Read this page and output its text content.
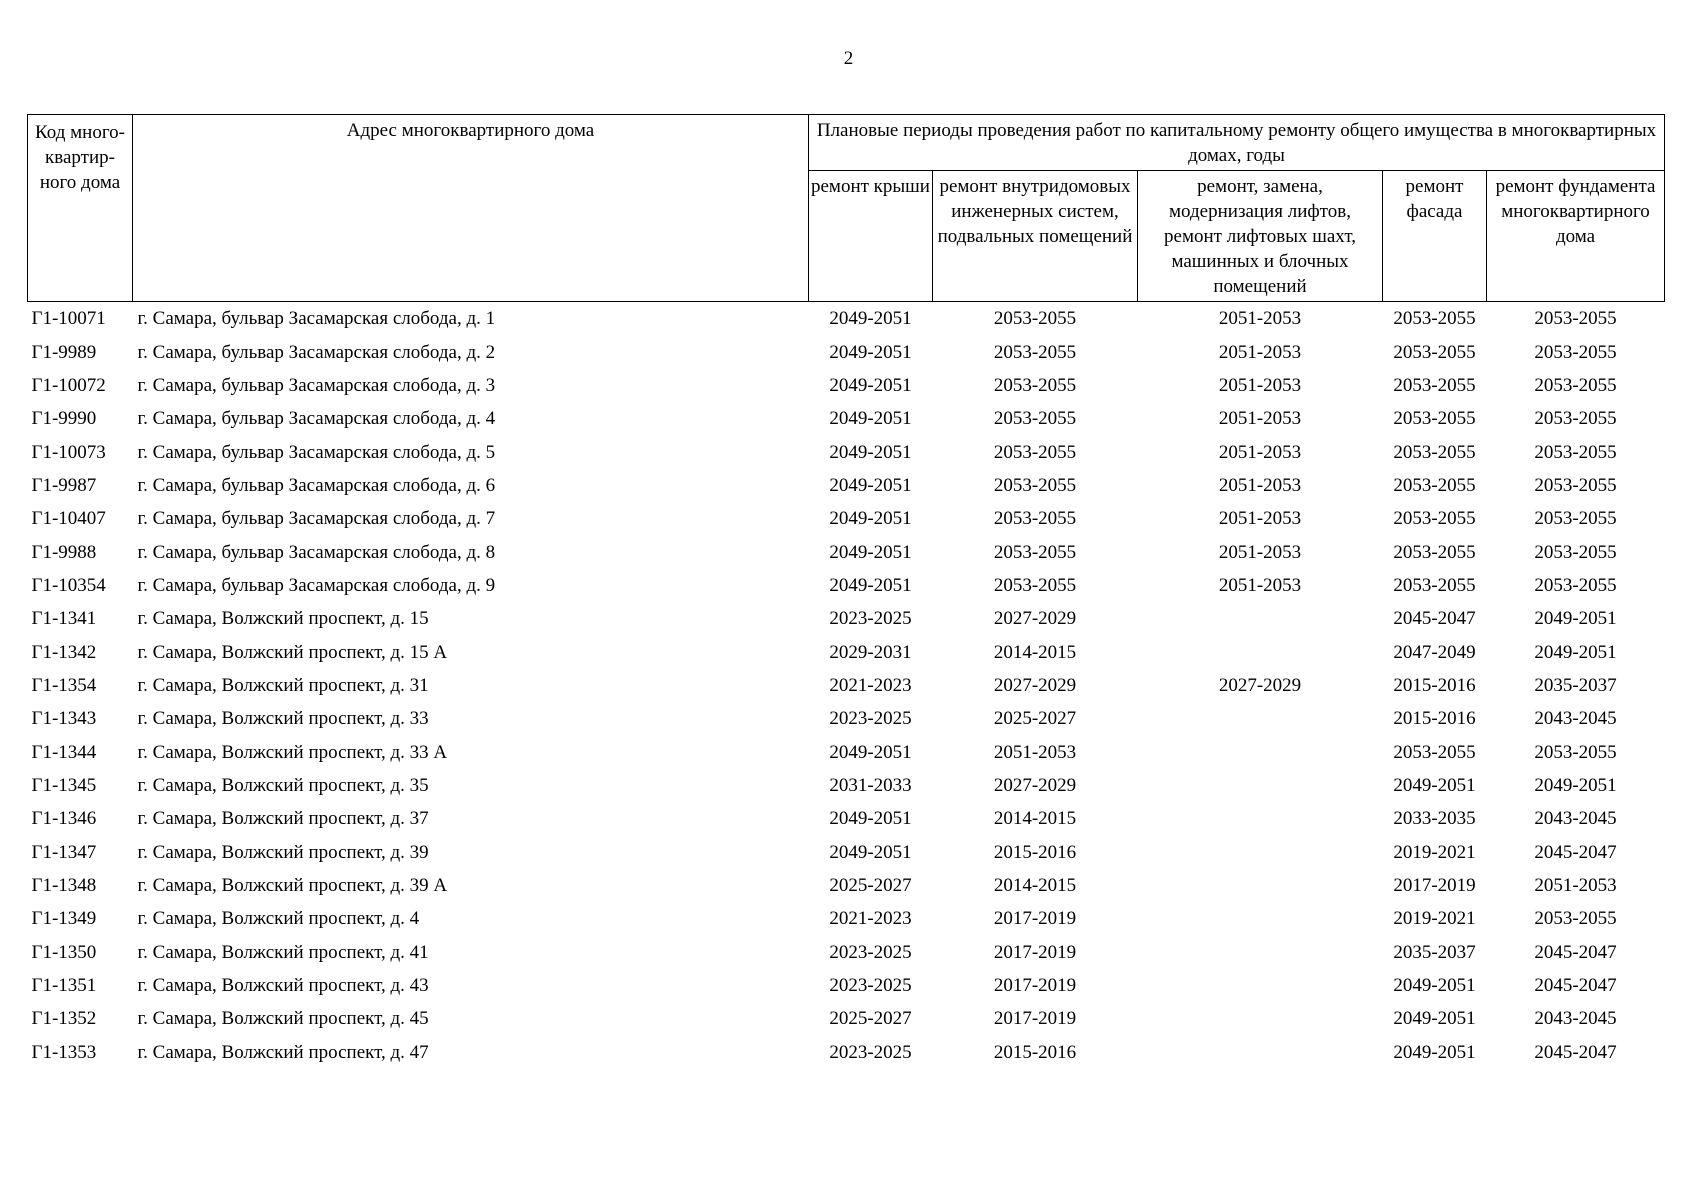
2
Код много-квартир-ного дома	Адрес многоквартирного дома	Плановые периоды проведения работ по капитальному ремонту общего имущества в многоквартирных домах, годы				
		ремонт крыши	ремонт внутридомовых инженерных систем, подвальных помещений	ремонт, замена, модернизация лифтов, ремонт лифтовых шахт, машинных и блочных помещений	ремонт фасада	ремонт фундамента многоквартирного дома
Г1-10071	г. Самара, бульвар Засамарская слобода, д. 1	2049-2051	2053-2055	2051-2053	2053-2055	2053-2055
Г1-9989	г. Самара, бульвар Засамарская слобода, д. 2	2049-2051	2053-2055	2051-2053	2053-2055	2053-2055
Г1-10072	г. Самара, бульвар Засамарская слобода, д. 3	2049-2051	2053-2055	2051-2053	2053-2055	2053-2055
Г1-9990	г. Самара, бульвар Засамарская слобода, д. 4	2049-2051	2053-2055	2051-2053	2053-2055	2053-2055
Г1-10073	г. Самара, бульвар Засамарская слобода, д. 5	2049-2051	2053-2055	2051-2053	2053-2055	2053-2055
Г1-9987	г. Самара, бульвар Засамарская слобода, д. 6	2049-2051	2053-2055	2051-2053	2053-2055	2053-2055
Г1-10407	г. Самара, бульвар Засамарская слобода, д. 7	2049-2051	2053-2055	2051-2053	2053-2055	2053-2055
Г1-9988	г. Самара, бульвар Засамарская слобода, д. 8	2049-2051	2053-2055	2051-2053	2053-2055	2053-2055
Г1-10354	г. Самара, бульвар Засамарская слобода, д. 9	2049-2051	2053-2055	2051-2053	2053-2055	2053-2055
Г1-1341	г. Самара, Волжский проспект, д. 15	2023-2025	2027-2029		2045-2047	2049-2051
Г1-1342	г. Самара, Волжский проспект, д. 15 А	2029-2031	2014-2015		2047-2049	2049-2051
Г1-1354	г. Самара, Волжский проспект, д. 31	2021-2023	2027-2029	2027-2029	2015-2016	2035-2037
Г1-1343	г. Самара, Волжский проспект, д. 33	2023-2025	2025-2027		2015-2016	2043-2045
Г1-1344	г. Самара, Волжский проспект, д. 33 А	2049-2051	2051-2053		2053-2055	2053-2055
Г1-1345	г. Самара, Волжский проспект, д. 35	2031-2033	2027-2029		2049-2051	2049-2051
Г1-1346	г. Самара, Волжский проспект, д. 37	2049-2051	2014-2015		2033-2035	2043-2045
Г1-1347	г. Самара, Волжский проспект, д. 39	2049-2051	2015-2016		2019-2021	2045-2047
Г1-1348	г. Самара, Волжский проспект, д. 39 А	2025-2027	2014-2015		2017-2019	2051-2053
Г1-1349	г. Самара, Волжский проспект, д. 4	2021-2023	2017-2019		2019-2021	2053-2055
Г1-1350	г. Самара, Волжский проспект, д. 41	2023-2025	2017-2019		2035-2037	2045-2047
Г1-1351	г. Самара, Волжский проспект, д. 43	2023-2025	2017-2019		2049-2051	2045-2047
Г1-1352	г. Самара, Волжский проспект, д. 45	2025-2027	2017-2019		2049-2051	2043-2045
Г1-1353	г. Самара, Волжский проспект, д. 47	2023-2025	2015-2016		2049-2051	2045-2047
